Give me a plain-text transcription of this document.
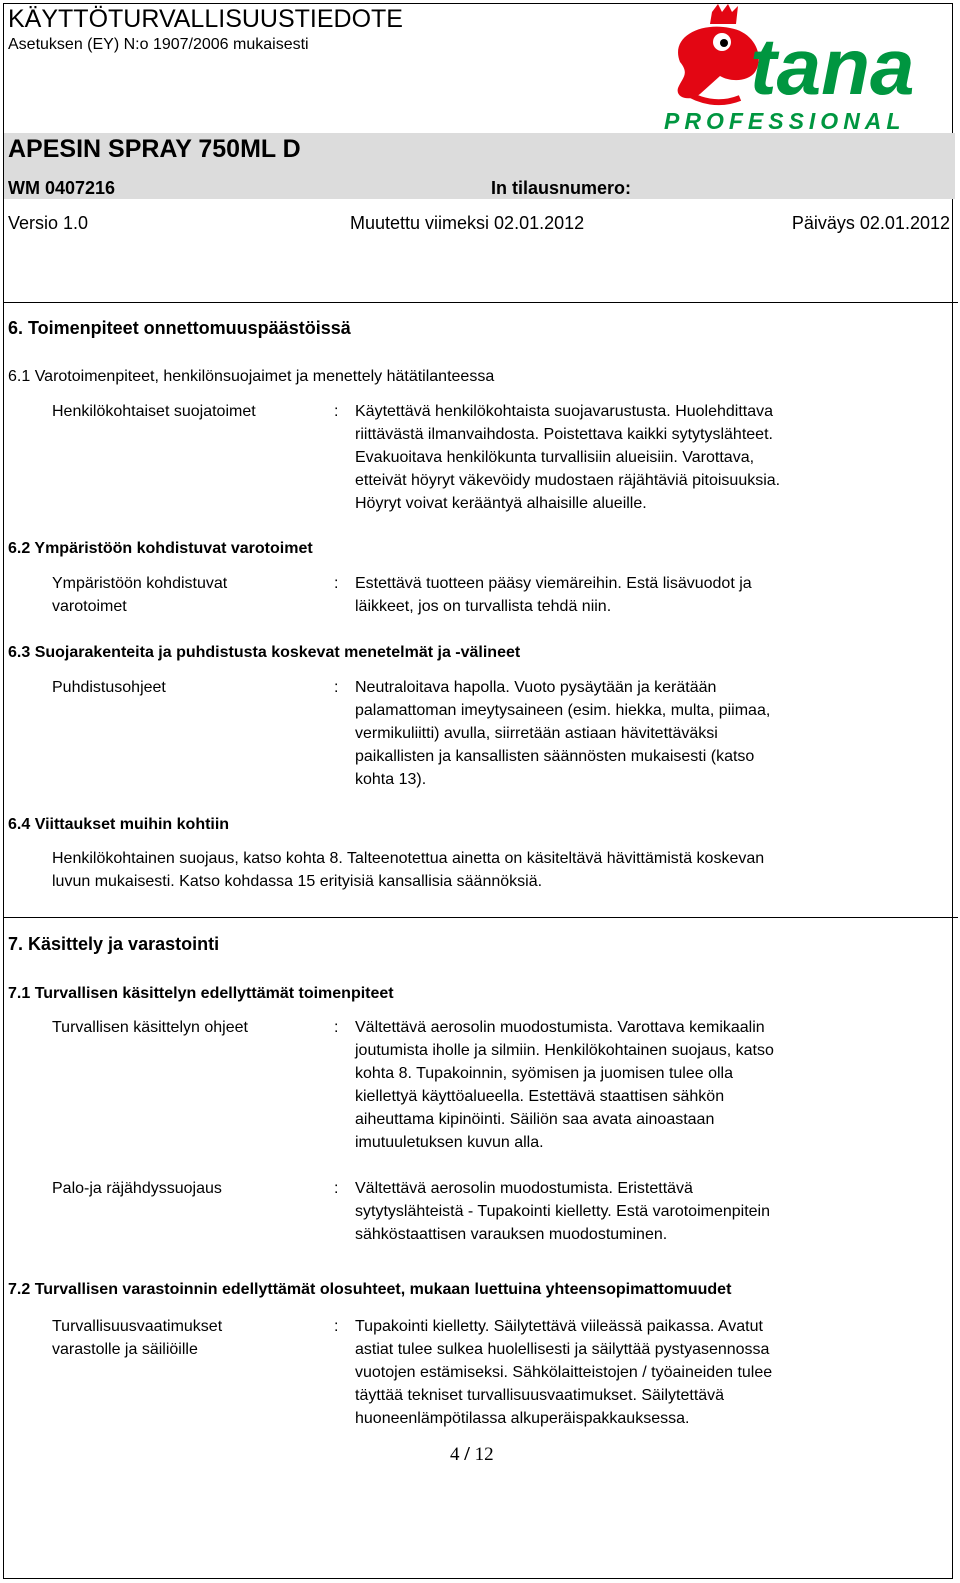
KÄYTTÖTURVALLISUUSTIEDOTE
Asetuksen (EY) N:o 1907/2006 mukaisesti	tana
PROFESSIONAL
APESIN SPRAY 750ML D
WM 0407216	In tilausnumero:
Versio 1.0	Muutettu viimeksi 02.01.2012	Päiväys 02.01.2012
6. Toimenpiteet onnettomuuspäästöissä
6.1 Varotoimenpiteet, henkilönsuojaimet ja menettely hätätilanteessa
Henkilökohtaiset suojatoimet	: Käytettävä henkilökohtaista suojavarustusta. Huolehdittava
riittävästä ilmanvaihdosta. Poistettava kaikki sytytyslähteet.
Evakuoitava henkilökunta turvallisiin alueisiin. Varottava,
etteivät höyryt väkevöidy mudostaen räjähtäviä pitoisuuksia.
Höyryt voivat kerääntyä alhaisille alueille.
6.2 Ympäristöön kohdistuvat varotoimet
Ympäristöön kohdistuvat
varotoimet
: Estettävä tuotteen pääsy viemäreihin. Estä lisävuodot ja
läikkeet, jos on turvallista tehdä niin.
6.3 Suojarakenteita ja puhdistusta koskevat menetelmät ja -välineet
Puhdistusohjeet	: Neutraloitava hapolla. Vuoto pysäytään ja kerätään
palamattoman imeytysaineen (esim. hiekka, multa, piimaa,
vermikuliitti) avulla, siirretään astiaan hävitettäväksi
paikallisten ja kansallisten säännösten mukaisesti (katso
kohta 13).
6.4 Viittaukset muihin kohtiin
Henkilökohtainen suojaus, katso kohta 8. Talteenotettua ainetta on käsiteltävä hävittämistä koskevan
luvun mukaisesti. Katso kohdassa 15 erityisiä kansallisia säännöksiä.
7. Käsittely ja varastointi
7.1 Turvallisen käsittelyn edellyttämät toimenpiteet
Turvallisen käsittelyn ohjeet	: Vältettävä aerosolin muodostumista. Varottava kemikaalin
joutumista iholle ja silmiin. Henkilökohtainen suojaus, katso
kohta 8. Tupakoinnin, syömisen ja juomisen tulee olla
kiellettyä käyttöalueella. Estettävä staattisen sähkön
aiheuttama kipinöinti. Säiliön saa avata ainoastaan
imutuuletuksen kuvun alla.
Palo-ja räjähdyssuojaus	: Vältettävä aerosolin muodostumista. Eristettävä
sytytyslähteistä - Tupakointi kielletty. Estä varotoimenpitein
sähköstaattisen varauksen muodostuminen.
7.2 Turvallisen varastoinnin edellyttämät olosuhteet, mukaan luettuina yhteensopimattomuudet
Turvallisuusvaatimukset
varastolle ja säiliöille
: Tupakointi kielletty. Säilytettävä viileässä paikassa. Avatut
astiat tulee sulkea huolellisesti ja säilyttää pystyasennossa
vuotojen estämiseksi. Sähkölaitteistojen / työaineiden tulee
täyttää tekniset turvallisuusvaatimukset. Säilytettävä
huoneenlämpötilassa alkuperäispakkauksessa.
4 / 12
